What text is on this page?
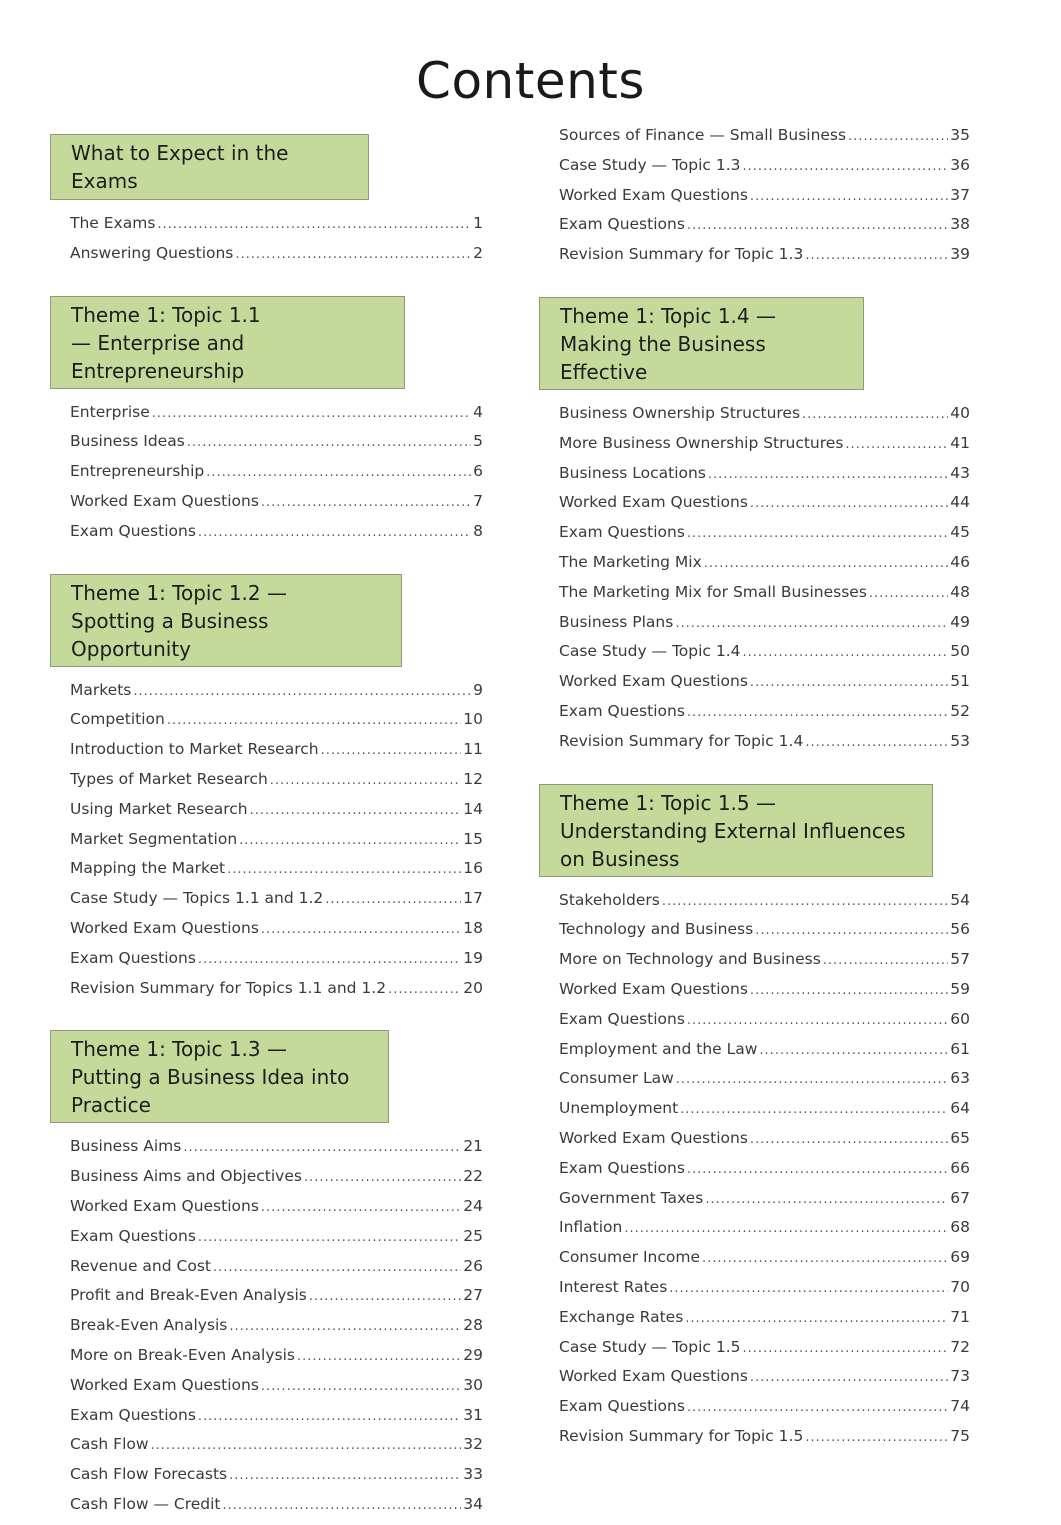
Contents
What to Expect in the Exams
The Exams .....	1
Answering Questions .....	2
Theme 1: Topic 1.1
— Enterprise and Entrepreneurship
Enterprise .....	4
Business Ideas .....	5
Entrepreneurship .....	6
Worked Exam Questions .....	7
Exam Questions .....	8
Theme 1: Topic 1.2 —
Spotting a Business Opportunity
Markets .....	9
Competition .....	10
Introduction to Market Research .....	11
Types of Market Research .....	12
Using Market Research .....	14
Market Segmentation .....	15
Mapping the Market .....	16
Case Study — Topics 1.1 and 1.2 .....	17
Worked Exam Questions .....	18
Exam Questions .....	19
Revision Summary for Topics 1.1 and 1.2 .....	20
Theme 1: Topic 1.3 —
Putting a Business Idea into Practice
Business Aims .....	21
Business Aims and Objectives .....	22
Worked Exam Questions .....	24
Exam Questions .....	25
Revenue and Cost .....	26
Profit and Break-Even Analysis .....	27
Break-Even Analysis .....	28
More on Break-Even Analysis .....	29
Worked Exam Questions .....	30
Exam Questions .....	31
Cash Flow .....	32
Cash Flow Forecasts .....	33
Cash Flow — Credit .....	34
Sources of Finance — Small Business .....	35
Case Study — Topic 1.3 .....	36
Worked Exam Questions .....	37
Exam Questions .....	38
Revision Summary for Topic 1.3 .....	39
Theme 1: Topic 1.4 —
Making the Business Effective
Business Ownership Structures .....	40
More Business Ownership Structures .....	41
Business Locations .....	43
Worked Exam Questions .....	44
Exam Questions .....	45
The Marketing Mix .....	46
The Marketing Mix for Small Businesses .....	48
Business Plans .....	49
Case Study — Topic 1.4 .....	50
Worked Exam Questions .....	51
Exam Questions .....	52
Revision Summary for Topic 1.4 .....	53
Theme 1: Topic 1.5 —
Understanding External Influences on Business
Stakeholders .....	54
Technology and Business .....	56
More on Technology and Business .....	57
Worked Exam Questions .....	59
Exam Questions .....	60
Employment and the Law .....	61
Consumer Law .....	63
Unemployment .....	64
Worked Exam Questions .....	65
Exam Questions .....	66
Government Taxes .....	67
Inflation .....	68
Consumer Income .....	69
Interest Rates .....	70
Exchange Rates .....	71
Case Study — Topic 1.5 .....	72
Worked Exam Questions .....	73
Exam Questions .....	74
Revision Summary for Topic 1.5 .....	75
